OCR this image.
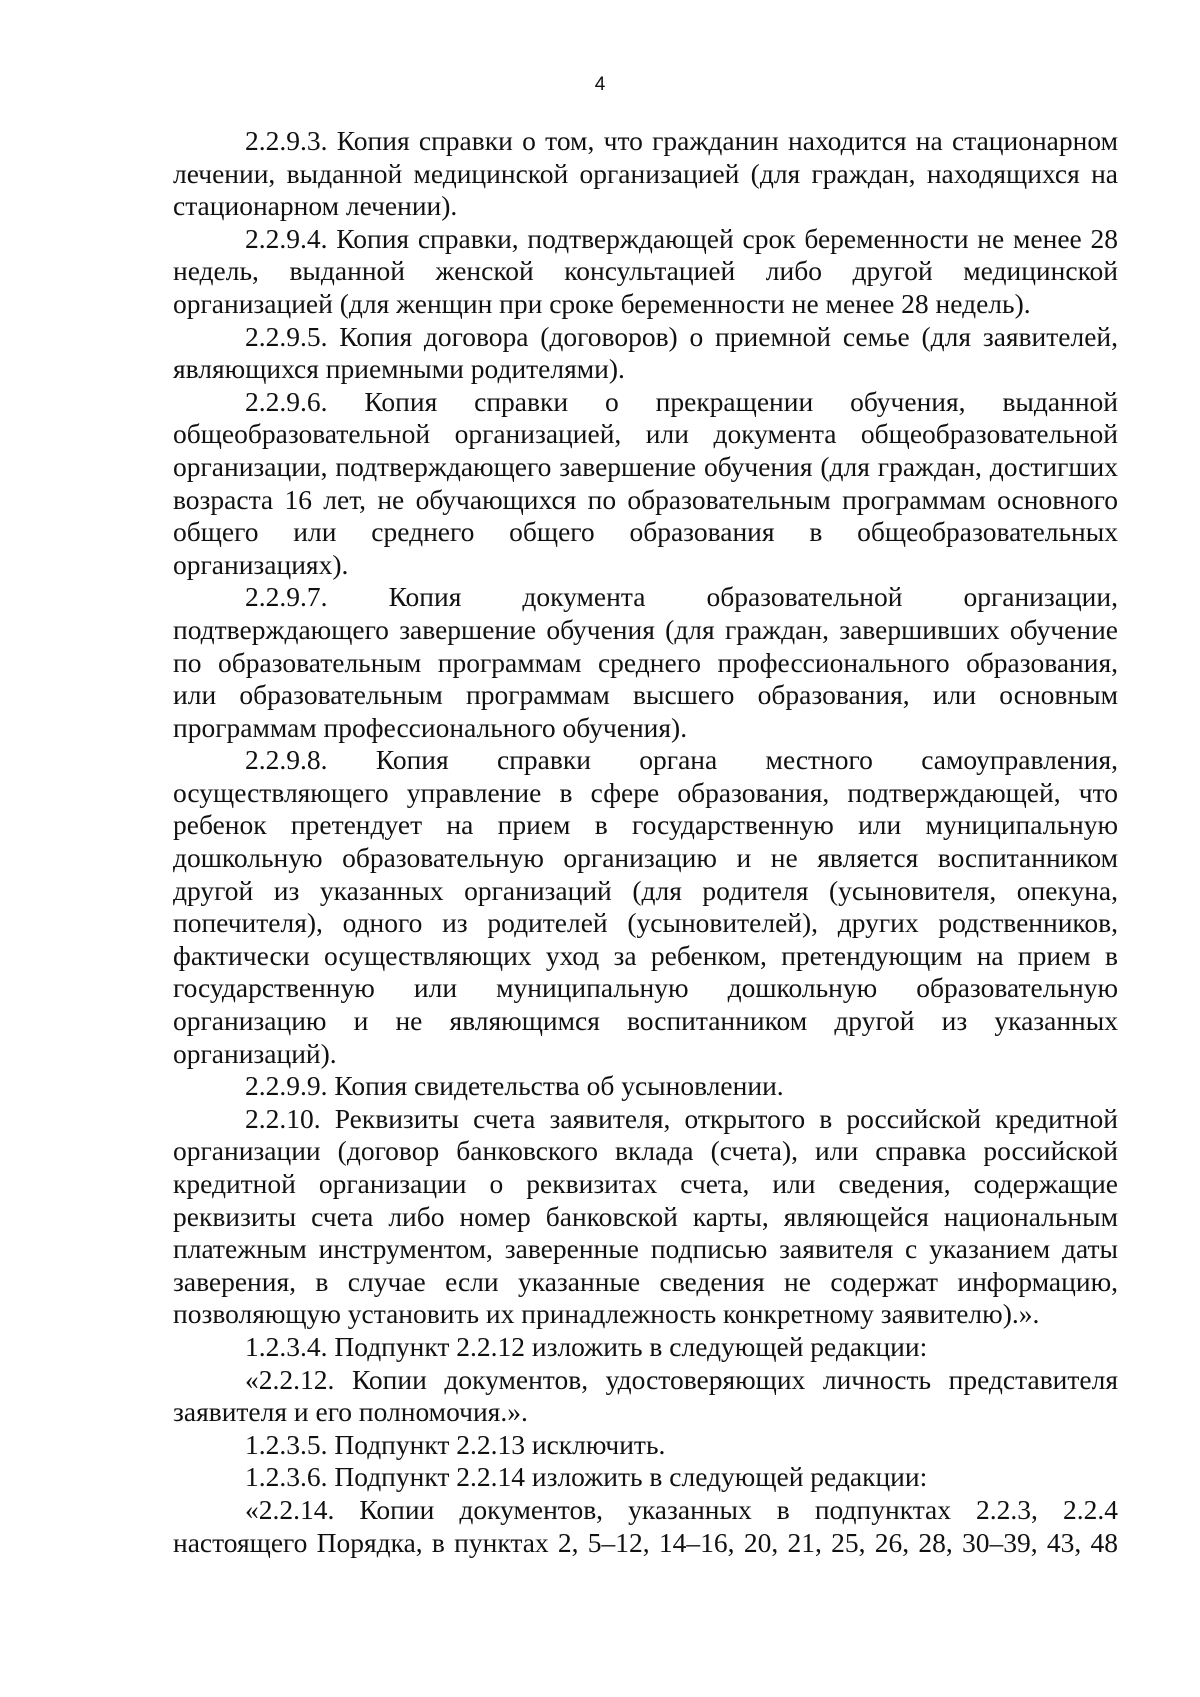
4

2.2.9.3. Копия справки о том, что гражданин находится на стационарном лечении, выданной медицинской организацией (для граждан, находящихся на стационарном лечении).

2.2.9.4. Копия справки, подтверждающей срок беременности не менее 28 недель, выданной женской консультацией либо другой медицинской организацией (для женщин при сроке беременности не менее 28 недель).

2.2.9.5. Копия договора (договоров) о приемной семье (для заявителей, являющихся приемными родителями).

2.2.9.6. Копия справки о прекращении обучения, выданной общеобразовательной организацией, или документа общеобразовательной организации, подтверждающего завершение обучения (для граждан, достигших возраста 16 лет, не обучающихся по образовательным программам основного общего или среднего общего образования в общеобразовательных организациях).

2.2.9.7. Копия документа образовательной организации, подтверждающего завершение обучения (для граждан, завершивших обучение по образовательным программам среднего профессионального образования, или образовательным программам высшего образования, или основным программам профессионального обучения).

2.2.9.8. Копия справки органа местного самоуправления, осуществляющего управление в сфере образования, подтверждающей, что ребенок претендует на прием в государственную или муниципальную дошкольную образовательную организацию и не является воспитанником другой из указанных организаций (для родителя (усыновителя, опекуна, попечителя), одного из родителей (усыновителей), других родственников, фактически осуществляющих уход за ребенком, претендующим на прием в государственную или муниципальную дошкольную образовательную организацию и не являющимся воспитанником другой из указанных организаций).

2.2.9.9. Копия свидетельства об усыновлении.

2.2.10. Реквизиты счета заявителя, открытого в российской кредитной организации (договор банковского вклада (счета), или справка российской кредитной организации о реквизитах счета, или сведения, содержащие реквизиты счета либо номер банковской карты, являющейся национальным платежным инструментом, заверенные подписью заявителя с указанием даты заверения, в случае если указанные сведения не содержат информацию, позволяющую установить их принадлежность конкретному заявителю).».

1.2.3.4. Подпункт 2.2.12 изложить в следующей редакции:

«2.2.12. Копии документов, удостоверяющих личность представителя заявителя и его полномочия.».

1.2.3.5. Подпункт 2.2.13 исключить.

1.2.3.6. Подпункт 2.2.14 изложить в следующей редакции:

«2.2.14. Копии документов, указанных в подпунктах 2.2.3, 2.2.4 настоящего Порядка, в пунктах 2, 5–12, 14–16, 20, 21, 25, 26, 28, 30–39, 43, 48
